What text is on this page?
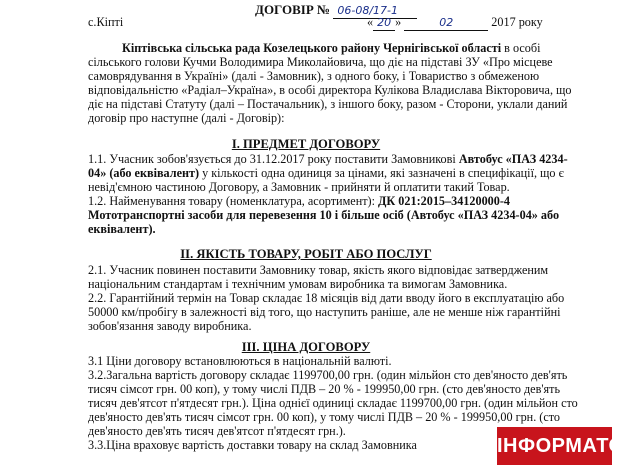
ДОГОВІР № 06-08/17-1
с.Кіпті	« 20 »	02	2017 року
Кіптівська сільська рада Козелецького району Чернігівської області в особі
сільського голови Кучми Володимира Миколайовича, що діє на підставі ЗУ «Про місцеве
самоврядування в Україні» (далі - Замовник), з одного боку, і Товариство з обмеженою
відповідальністю «Радіал–Україна», в особі директора Кулікова Владислава Вікторовича, що
діє на підставі Статуту (далі – Постачальник), з іншого боку, разом - Сторони, уклали даний
договір про наступне (далі - Договір):
І. ПРЕДМЕТ ДОГОВОРУ
1.1. Учасник зобов'язується до 31.12.2017 року поставити Замовникові Автобус «ПАЗ 4234-
04» (або еквівалент) у кількості одна одиниця за цінами, які зазначені в специфікації, що є
невід'ємною частиною Договору, а Замовник - прийняти й оплатити такий Товар.
1.2. Найменування товару (номенклатура, асортимент): ДК 021:2015–34120000-4
Мототранспортні засоби для перевезення 10 і більше осіб (Автобус «ПАЗ 4234-04» або
еквівалент).
ІІ. ЯКІСТЬ ТОВАРУ, РОБІТ АБО ПОСЛУГ
2.1. Учасник повинен поставити Замовнику товар, якість якого відповідає затвердженим
національним стандартам і технічним умовам виробника та вимогам Замовника.
2.2. Гарантійний термін на Товар складає 18 місяців від дати вводу його в експлуатацію або
50000 км/пробігу в залежності від того, що наступить раніше, але не менше ніж гарантійні
зобов'язання заводу виробника.
ІІІ. ЦІНА ДОГОВОРУ
3.1 Ціни договору встановлюються в національній валюті.
3.2.Загальна вартість договору складає 1199700,00 грн. (один мільйон сто дев'яносто дев'ять
тисяч сімсот грн. 00 коп), у тому числі ПДВ – 20 % - 199950,00 грн. (сто дев'яносто дев'ять
тисяч дев'ятсот п'ятдесят грн.). Ціна однієї одиниці складає 1199700,00 грн. (один мільйон сто
дев'яносто дев'ять тисяч сімсот грн. 00 коп), у тому числі ПДВ – 20 % - 199950,00 грн. (сто
дев'яносто дев'ять тисяч дев'ятсот п'ятдесят грн.).
3.3.Ціна враховує вартість доставки товару на склад Замовника	ІНФОРМАТОР
